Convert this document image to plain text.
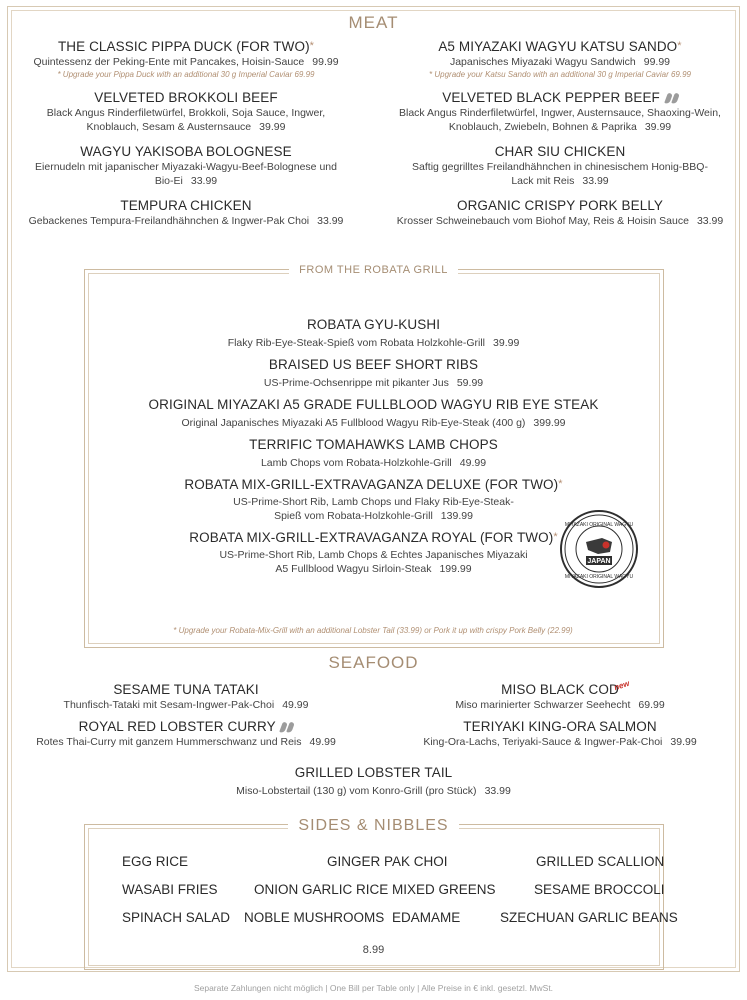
MEAT
THE CLASSIC PIPPA DUCK (FOR TWO)*
Quintessenz der Peking-Ente mit Pancakes, Hoisin-Sauce 99.99
* Upgrade your Pippa Duck with an additional 30 g Imperial Caviar 69.99
VELVETED BROKKOLI BEEF
Black Angus Rinderfiletwürfel, Brokkoli, Soja Sauce, Ingwer, Knoblauch, Sesam & Austernsauce 39.99
WAGYU YAKISOBA BOLOGNESE
Eiernudeln mit japanischer Miyazaki-Wagyu-Beef-Bolognese und Bio-Ei 33.99
TEMPURA CHICKEN
Gebackenes Tempura-Freilandhähnchen & Ingwer-Pak Choi 33.99
A5 MIYAZAKI WAGYU KATSU SANDO*
Japanisches Miyazaki Wagyu Sandwich 99.99
* Upgrade your Katsu Sando with an additional 30 g Imperial Caviar 69.99
VELVETED BLACK PEPPER BEEF
Black Angus Rinderfiletwürfel, Ingwer, Austernsauce, Shaoxing-Wein, Knoblauch, Zwiebeln, Bohnen & Paprika 39.99
CHAR SIU CHICKEN
Saftig gegrilltes Freilandhähnchen in chinesischem Honig-BBQ-Lack mit Reis 33.99
ORGANIC CRISPY PORK BELLY
Krosser Schweinebauch vom Biohof May, Reis & Hoisin Sauce 33.99
FROM THE ROBATA GRILL
ROBATA GYU-KUSHI
Flaky Rib-Eye-Steak-Spieß vom Robata Holzkohle-Grill 39.99
BRAISED US BEEF SHORT RIBS
US-Prime-Ochsenrippe mit pikanter Jus 59.99
ORIGINAL MIYAZAKI A5 GRADE FULLBLOOD WAGYU RIB EYE STEAK
Original Japanisches Miyazaki A5 Fullblood Wagyu Rib-Eye-Steak (400 g) 399.99
TERRIFIC TOMAHAWKS LAMB CHOPS
Lamb Chops vom Robata-Holzkohle-Grill 49.99
ROBATA MIX-GRILL-EXTRAVAGANZA DELUXE (FOR TWO)*
US-Prime-Short Rib, Lamb Chops und Flaky Rib-Eye-Steak-Spieß vom Robata-Holzkohle-Grill 139.99
ROBATA MIX-GRILL-EXTRAVAGANZA ROYAL (FOR TWO)*
US-Prime-Short Rib, Lamb Chops & Echtes Japanisches Miyazaki A5 Fullblood Wagyu Sirloin-Steak 199.99
MIYAZAKI ORIGINAL WAGYU
MIYAZAKI ORIGINAL WAGYU
JAPAN
* Upgrade your Robata-Mix-Grill with an additional Lobster Tail (33.99) or Pork it up with crispy Pork Belly (22.99)
SEAFOOD
SESAME TUNA TATAKI
Thunfisch-Tataki mit Sesam-Ingwer-Pak-Choi 49.99
ROYAL RED LOBSTER CURRY
Rotes Thai-Curry mit ganzem Hummerschwanz und Reis 49.99
MISO BLACK COD
Miso marinierter Schwarzer Seehecht 69.99
TERIYAKI KING-ORA SALMON
King-Ora-Lachs, Teriyaki-Sauce & Ingwer-Pak-Choi 39.99
new
GRILLED LOBSTER TAIL
Miso-Lobstertail (130 g) vom Konro-Grill (pro Stück) 33.99
SIDES & NIBBLES
EGG RICE	GINGER PAK CHOI	GRILLED SCALLION
WASABI FRIES	ONION GARLIC RICE MIXED GREENS	SESAME BROCCOLI
SPINACH SALAD NOBLE MUSHROOMS EDAMAME	SZECHUAN GARLIC BEANS
8.99
Separate Zahlungen nicht möglich | One Bill per Table only | Alle Preise in € inkl. gesetzl. MwSt.
